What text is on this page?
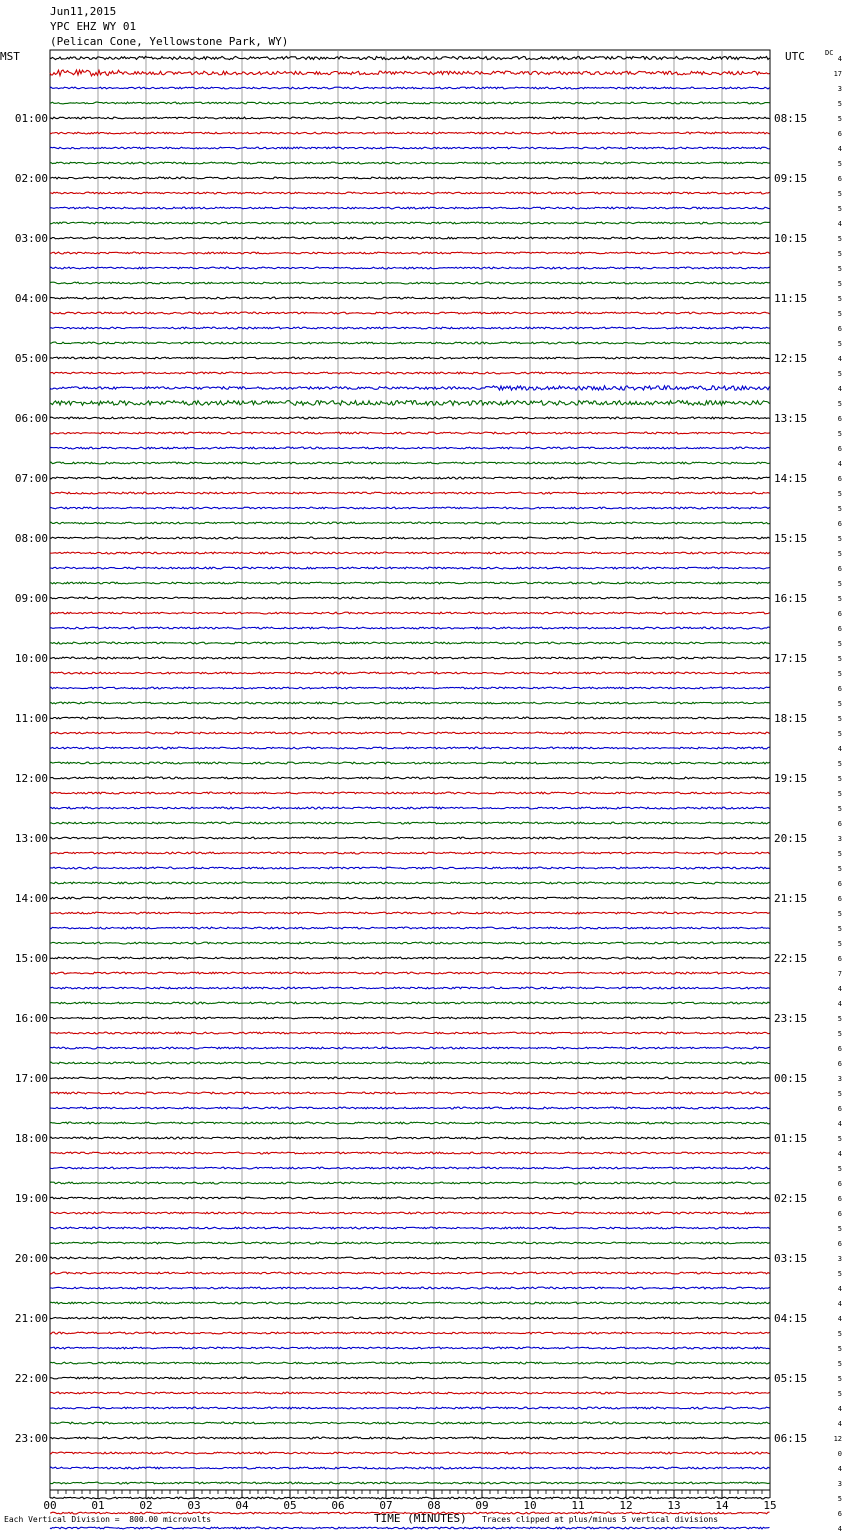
Jun11,2015
YPC EHZ WY 01
(Pelican Cone, Yellowstone Park, WY)
MST	UTC	DC
4
17
3
5
5
6
4
5
6
5
5
4
5
5
5
5
5
5
6
5
4
5
4
5
6
5
6
4
6
5
5
6
5
5
6
5
5
6
6
5
5
5
6
5
5
5
4
5
5
5
5
6
3
5
5
6
6
5
5
5
6
7
4
4
5
5
6
6
3
5
6
4
5
4
5
6
6
6
5
6
3
5
4
4
4
5
5
5
5
5
4
4
12
0
4
3
5
6
4
01:00	08:15
02:00	09:15
03:00	10:15
04:00	11:15
05:00	12:15
06:00	13:15
07:00	14:15
08:00	15:15
09:00	16:15
10:00	17:15
11:00	18:15
12:00	19:15
13:00	20:15
14:00	21:15
15:00	22:15
16:00	23:15
17:00	00:15
18:00	01:15
19:00	02:15
20:00	03:15
21:00	04:15
22:00	05:15
23:00	06:15
00	01	02	03	04	05	06	07	08	09	10	11	12	13	14	15
Each Vertical Division =  800.00 microvolts	TIME (MINUTES) Traces clipped at plus/minus 5 vertical divisions
